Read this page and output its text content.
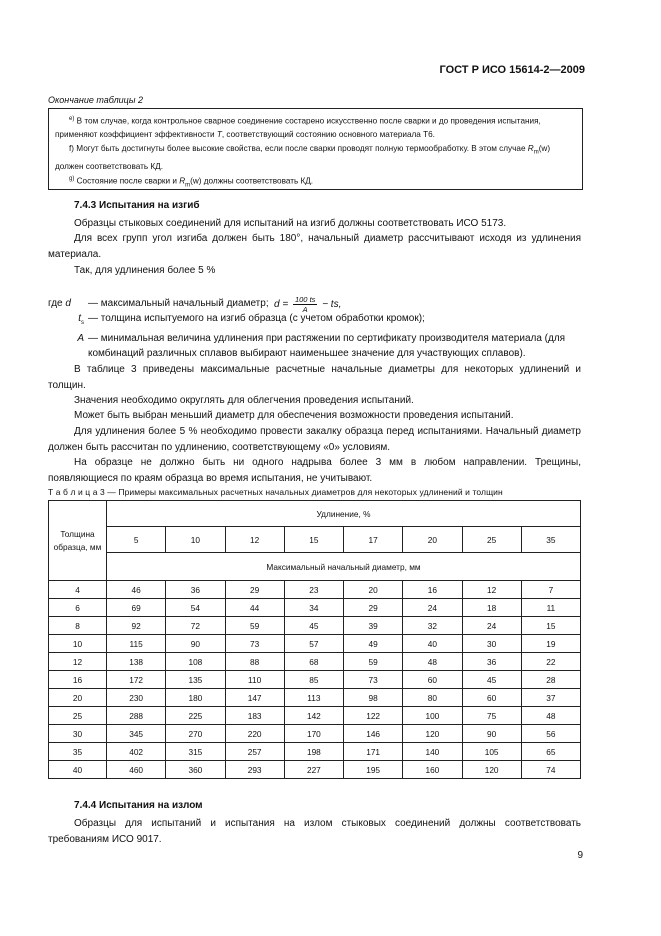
ГОСТ Р ИСО 15614-2—2009
Окончание таблицы 2

$^{e)}$ В том случае, когда контрольное сварное соединение состарено искусственно после сварки и до проведения испытания, применяют коэффициент эффективности T, соответствующий состоянию основного материала Т6.

f) Могут быть достигнуты более высокие свойства, если после сварки проводят полную термообработку. В этом случае $R_m(w)$ должен соответствовать КД.

$^{g)}$ Состояние после сварки и $R_m(w)$ должны соответствовать КД.

7.4.3 Испытания на изгиб
Образцы стыковых соединений для испытаний на изгиб должны соответствовать ИСО 5173.
Для всех групп угол изгиба должен быть 180°, начальный диаметр рассчитывают исходя из удлинения материала.
Так, для удлинения более 5 %
$d = \frac{100 ts}{A}$ − ts,
где d	— максимальный начальный диаметр;
$t_s$ — толщина испытуемого на изгиб образца (с учетом обработки кромок);
A — минимальная величина удлинения при растяжении по сертификату производителя материала (для комбинаций различных сплавов выбирают наименьшее значение для участвующих сплавов).
В таблице 3 приведены максимальные расчетные начальные диаметры для некоторых удлинений и толщин.
Значения необходимо округлять для облегчения проведения испытаний.
Может быть выбран меньший диаметр для обеспечения возможности проведения испытаний.
Для удлинения более 5 % необходимо провести закалку образца перед испытаниями. Начальный диаметр должен быть рассчитан по удлинению, соответствующему «0» условиям.
На образце не должно быть ни одного надрыва более 3 мм в любом направлении. Трещины, появляющиеся по краям образца во время испытания, не учитывают.
Т а б л и ц а 3 — Примеры максимальных расчетных начальных диаметров для некоторых удлинений и толщин
Толщина образца, мм	Удлинение, %							
	5	10	12	15	17	20	25	35
	Максимальный начальный диаметр, мм							
4	46	36	29	23	20	16	12	7
6	69	54	44	34	29	24	18	11
8	92	72	59	45	39	32	24	15
10	115	90	73	57	49	40	30	19
12	138	108	88	68	59	48	36	22
16	172	135	110	85	73	60	45	28
20	230	180	147	113	98	80	60	37
25	288	225	183	142	122	100	75	48
30	345	270	220	170	146	120	90	56
35	402	315	257	198	171	140	105	65
40	460	360	293	227	195	160	120	74
7.4.4 Испытания на излом
Образцы для испытаний и испытания на излом стыковых соединений должны соответствовать требованиям ИСО 9017.
9
